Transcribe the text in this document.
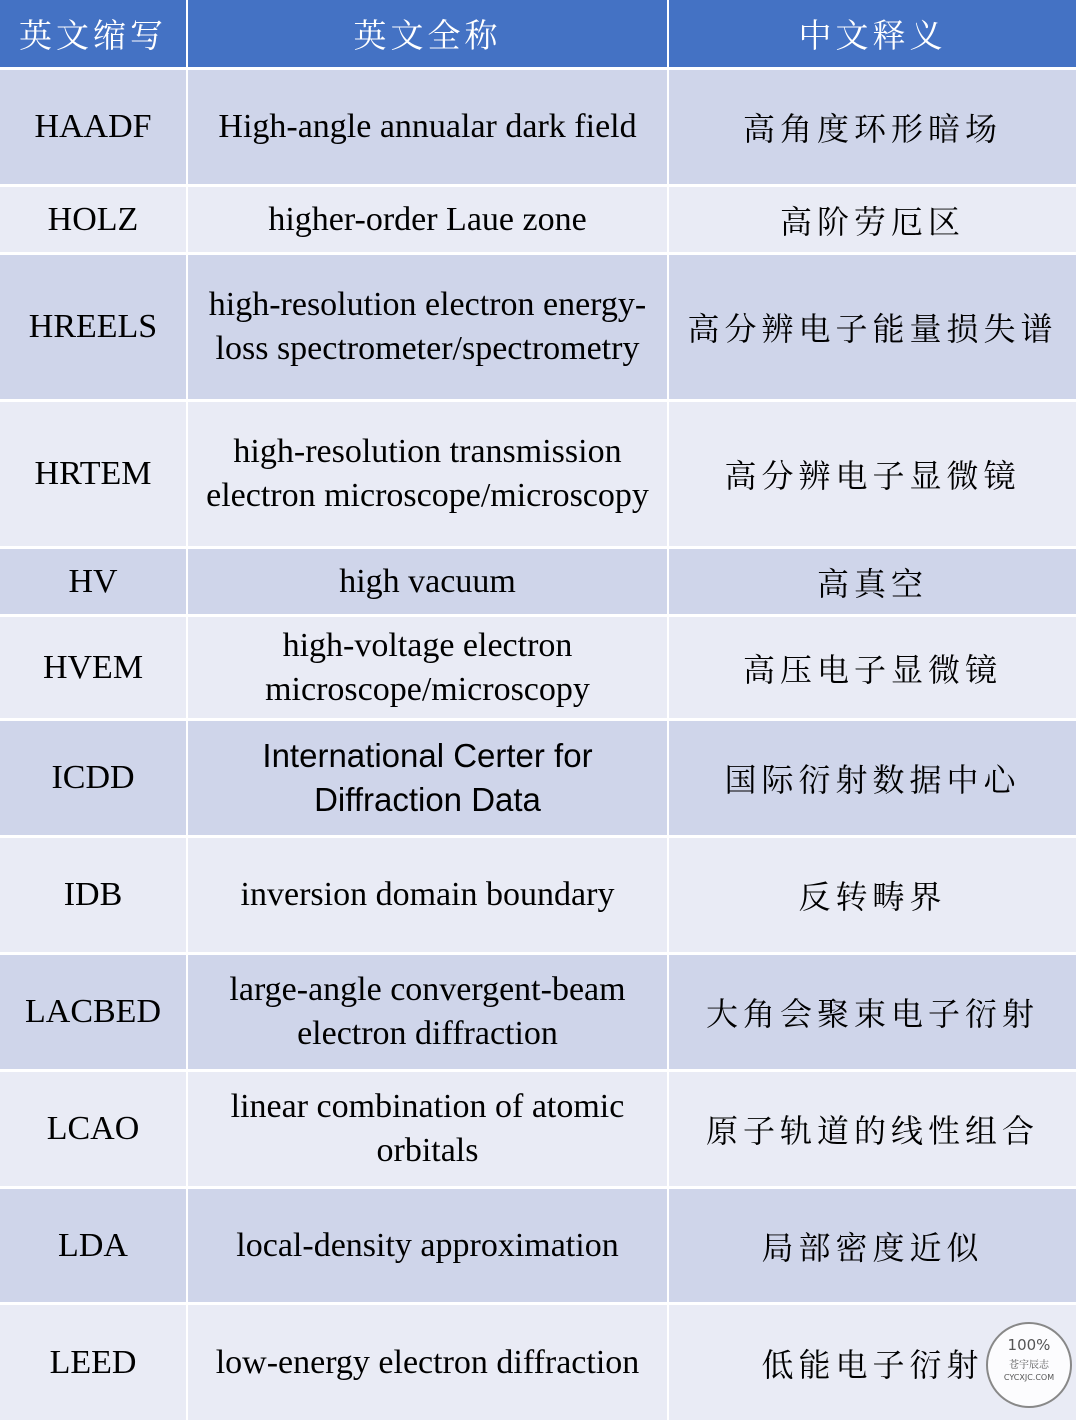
英文缩写	英文全称	中文释义
HAADF	High-angle annualar dark field	高角度环形暗场
HOLZ	higher-order Laue zone	高阶劳厄区
HREELS	high-resolution electron energy-loss spectrometer/spectrometry	高分辨电子能量损失谱
HRTEM	high-resolution transmission electron microscope/microscopy	高分辨电子显微镜
HV	high vacuum	高真空
HVEM	high-voltage electron microscope/microscopy	高压电子显微镜
ICDD	International Certer for Diffraction Data	国际衍射数据中心
IDB	inversion domain boundary	反转畴界
LACBED	large-angle convergent-beam electron diffraction	大角会聚束电子衍射
LCAO	linear combination of atomic orbitals	原子轨道的线性组合
LDA	local-density approximation	局部密度近似
LEED	low-energy electron diffraction	低能电子衍射
100%
苍宇辰志
CYCXJC.COM
